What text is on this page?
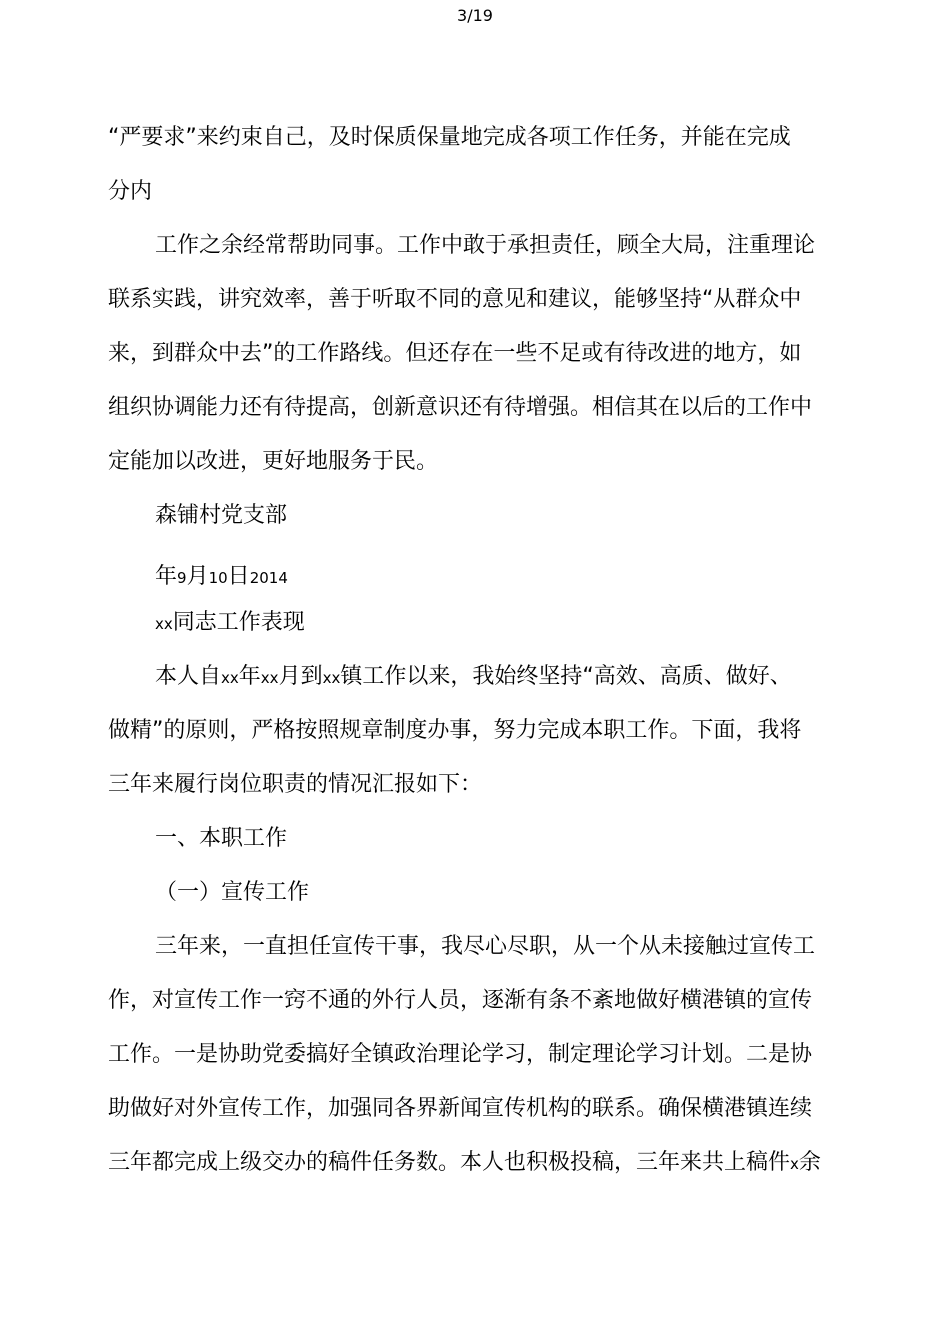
3/19
“严要求”来约束自己，及时保质保量地完成各项工作任务，并能在完成
分内
工作之余经常帮助同事。工作中敢于承担责任，顾全大局，注重理论
联系实践，讲究效率，善于听取不同的意见和建议，能够坚持“从群众中
来，到群众中去”的工作路线。但还存在一些不足或有待改进的地方，如
组织协调能力还有待提高，创新意识还有待增强。相信其在以后的工作中
定能加以改进，更好地服务于民。
森铺村党支部
年9月10日2014
xx同志工作表现
本人自xx年xx月到xx镇工作以来，我始终坚持“高效、高质、做好、
做精”的原则，严格按照规章制度办事，努力完成本职工作。下面，我将
三年来履行岗位职责的情况汇报如下：
一、本职工作
（一）宣传工作
三年来，一直担任宣传干事，我尽心尽职，从一个从未接触过宣传工
作，对宣传工作一窍不通的外行人员，逐渐有条不紊地做好横港镇的宣传
工作。一是协助党委搞好全镇政治理论学习，制定理论学习计划。二是协
助做好对外宣传工作，加强同各界新闻宣传机构的联系。确保横港镇连续
三年都完成上级交办的稿件任务数。本人也积极投稿，三年来共上稿件x余
